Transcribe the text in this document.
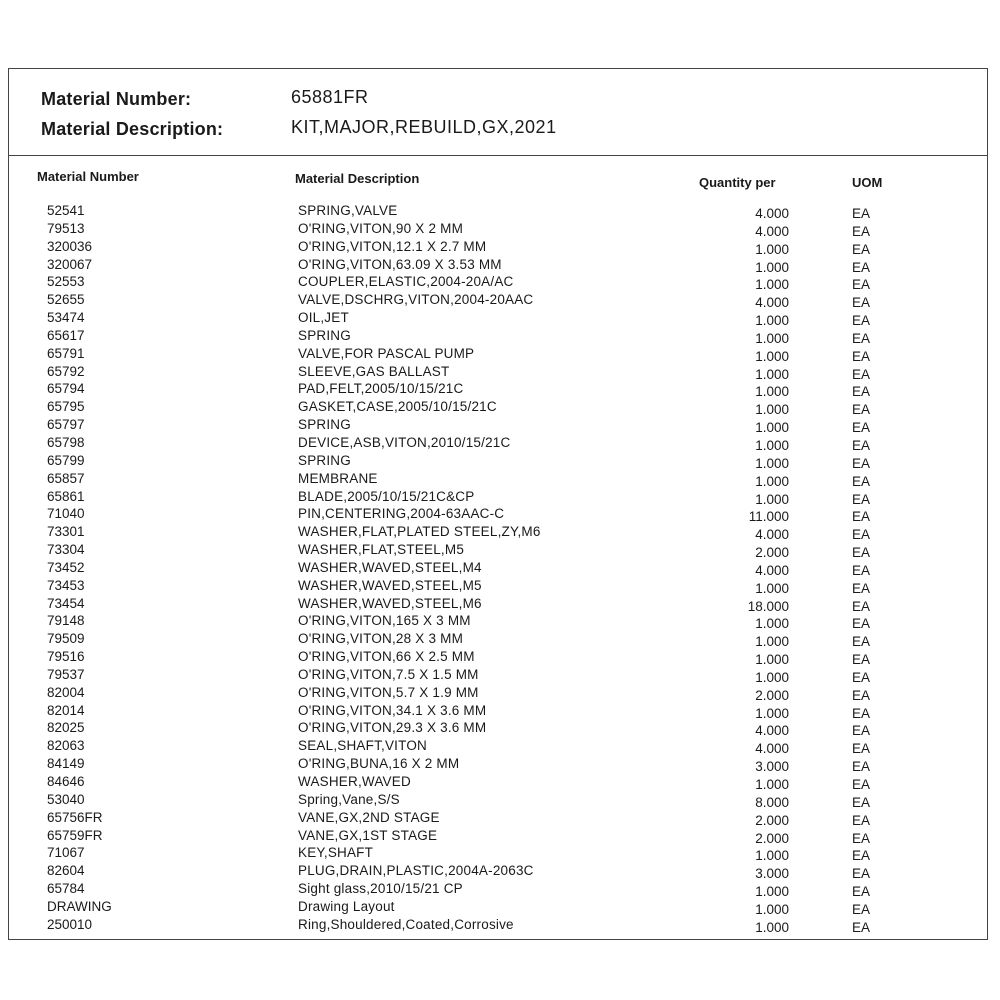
Material Number:	65881FR
Material Description:	KIT,MAJOR,REBUILD,GX,2021
Material Number	Material Description	Quantity per	UOM
52541	SPRING,VALVE	4.000	EA
79513	O'RING,VITON,90 X 2 MM	4.000	EA
320036	O'RING,VITON,12.1 X 2.7 MM	1.000	EA
320067	O'RING,VITON,63.09 X 3.53 MM	1.000	EA
52553	COUPLER,ELASTIC,2004-20A/AC	1.000	EA
52655	VALVE,DSCHRG,VITON,2004-20AAC	4.000	EA
53474	OIL,JET	1.000	EA
65617	SPRING	1.000	EA
65791	VALVE,FOR PASCAL PUMP	1.000	EA
65792	SLEEVE,GAS BALLAST	1.000	EA
65794	PAD,FELT,2005/10/15/21C	1.000	EA
65795	GASKET,CASE,2005/10/15/21C	1.000	EA
65797	SPRING	1.000	EA
65798	DEVICE,ASB,VITON,2010/15/21C	1.000	EA
65799	SPRING	1.000	EA
65857	MEMBRANE	1.000	EA
65861	BLADE,2005/10/15/21C&CP	1.000	EA
71040	PIN,CENTERING,2004-63AAC-C	11.000	EA
73301	WASHER,FLAT,PLATED STEEL,ZY,M6	4.000	EA
73304	WASHER,FLAT,STEEL,M5	2.000	EA
73452	WASHER,WAVED,STEEL,M4	4.000	EA
73453	WASHER,WAVED,STEEL,M5	1.000	EA
73454	WASHER,WAVED,STEEL,M6	18.000	EA
79148	O'RING,VITON,165 X 3 MM	1.000	EA
79509	O'RING,VITON,28 X 3 MM	1.000	EA
79516	O'RING,VITON,66 X 2.5 MM	1.000	EA
79537	O'RING,VITON,7.5 X 1.5 MM	1.000	EA
82004	O'RING,VITON,5.7 X 1.9 MM	2.000	EA
82014	O'RING,VITON,34.1 X 3.6 MM	1.000	EA
82025	O'RING,VITON,29.3 X 3.6 MM	4.000	EA
82063	SEAL,SHAFT,VITON	4.000	EA
84149	O'RING,BUNA,16 X 2 MM	3.000	EA
84646	WASHER,WAVED	1.000	EA
53040	Spring,Vane,S/S	8.000	EA
65756FR	VANE,GX,2ND STAGE	2.000	EA
65759FR	VANE,GX,1ST STAGE	2.000	EA
71067	KEY,SHAFT	1.000	EA
82604	PLUG,DRAIN,PLASTIC,2004A-2063C	3.000	EA
65784	Sight glass,2010/15/21 CP	1.000	EA
DRAWING	Drawing Layout	1.000	EA
250010	Ring,Shouldered,Coated,Corrosive	1.000	EA
